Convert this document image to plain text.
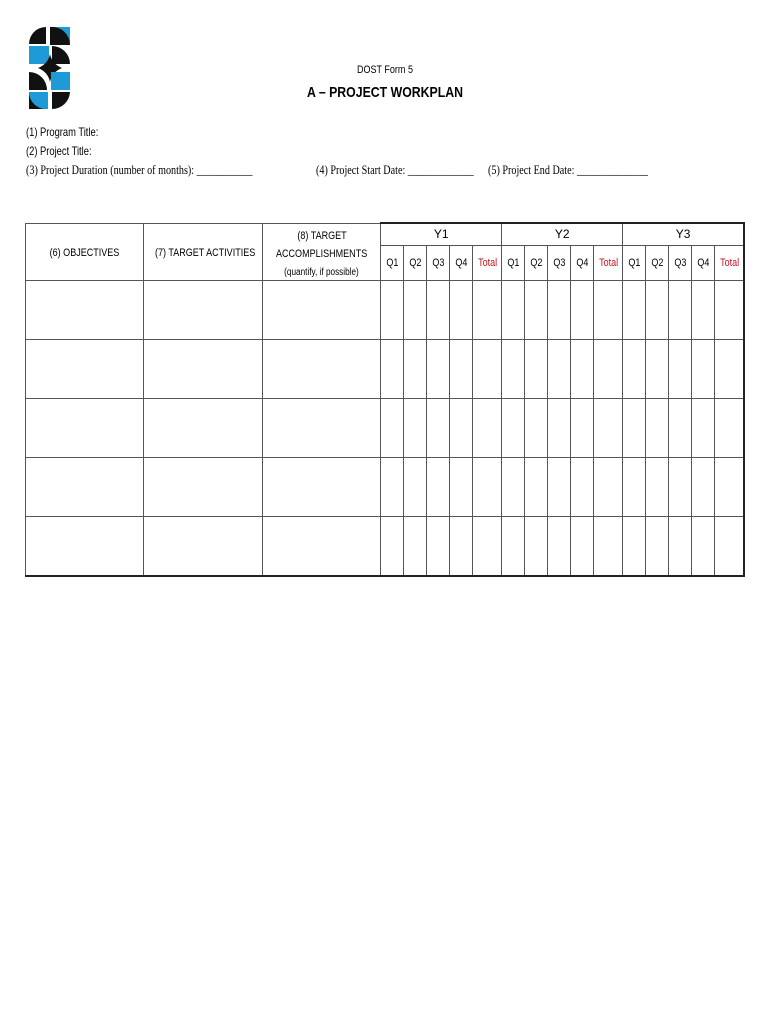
DOST Form 5
A – PROJECT WORKPLAN
(1) Program Title:
(2) Project Title:
(3) Project Duration (number of months): ___________	(4) Project Start Date: _____________ (5) Project End Date: ______________
(6) OBJECTIVES	(7) TARGET ACTIVITIES	(8) TARGET
ACCOMPLISHMENTS
(quantify, if possible)	Y1					Y2					Y3				
			Q1	Q2	Q3	Q4	Total	Q1	Q2	Q3	Q4	Total	Q1	Q2	Q3	Q4	Total
